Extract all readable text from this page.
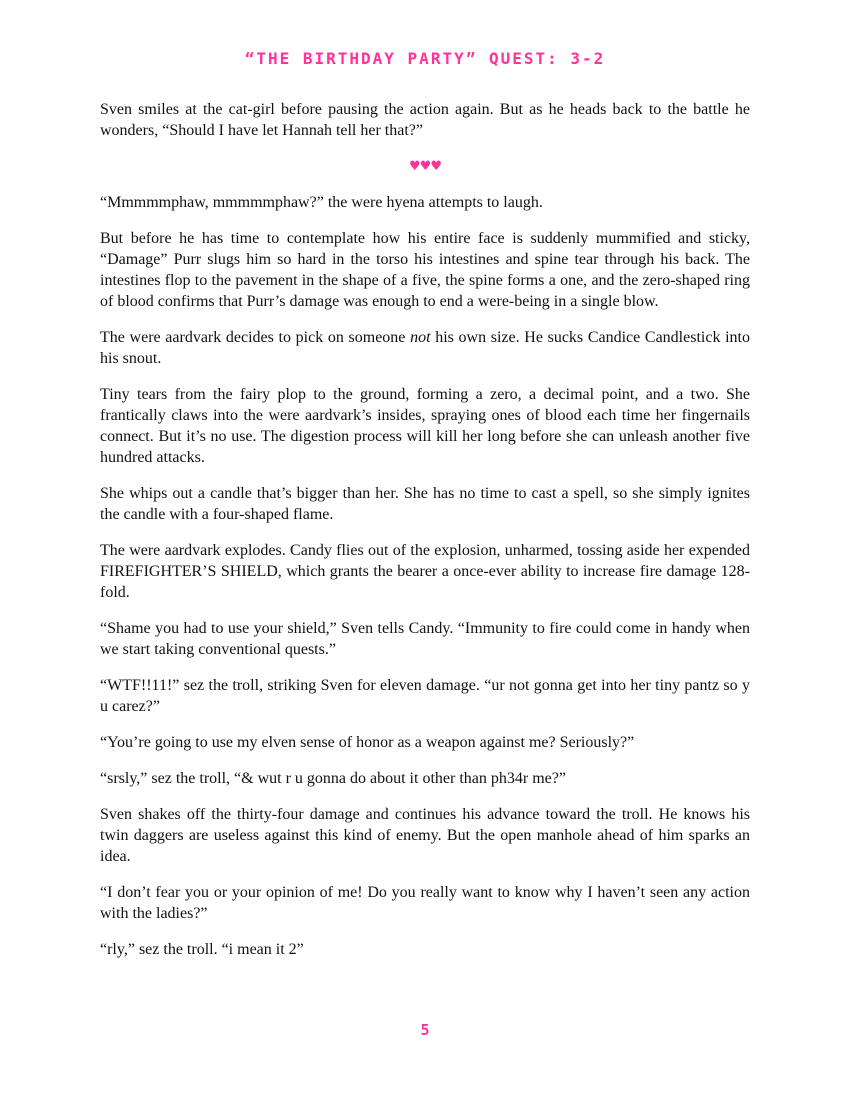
“THE BIRTHDAY PARTY” QUEST: 3-2

Sven smiles at the cat-girl before pausing the action again. But as he heads back to the battle he wonders, “Should I have let Hannah tell her that?”

♥♥♥

“Mmmmmphaw, mmmmmphaw?” the were hyena attempts to laugh.

But before he has time to contemplate how his entire face is suddenly mummified and sticky, “Damage” Purr slugs him so hard in the torso his intestines and spine tear through his back. The intestines flop to the pavement in the shape of a five, the spine forms a one, and the zero-shaped ring of blood confirms that Purr’s damage was enough to end a were-being in a single blow.

The were aardvark decides to pick on someone not his own size. He sucks Candice Candlestick into his snout.

Tiny tears from the fairy plop to the ground, forming a zero, a decimal point, and a two. She frantically claws into the were aardvark’s insides, spraying ones of blood each time her fingernails connect. But it’s no use. The digestion process will kill her long before she can unleash another five hundred attacks.

She whips out a candle that’s bigger than her. She has no time to cast a spell, so she simply ignites the candle with a four-shaped flame.

The were aardvark explodes. Candy flies out of the explosion, unharmed, tossing aside her expended FIREFIGHTER’S SHIELD, which grants the bearer a once-ever ability to increase fire damage 128-fold.

“Shame you had to use your shield,” Sven tells Candy. “Immunity to fire could come in handy when we start taking conventional quests.”

“WTF!!11!” sez the troll, striking Sven for eleven damage. “ur not gonna get into her tiny pantz so y u carez?”

“You’re going to use my elven sense of honor as a weapon against me? Seriously?”

“srsly,” sez the troll, “& wut r u gonna do about it other than ph34r me?”

Sven shakes off the thirty-four damage and continues his advance toward the troll. He knows his twin daggers are useless against this kind of enemy. But the open manhole ahead of him sparks an idea.

“I don’t fear you or your opinion of me! Do you really want to know why I haven’t seen any action with the ladies?”

“rly,” sez the troll. “i mean it 2”

5
